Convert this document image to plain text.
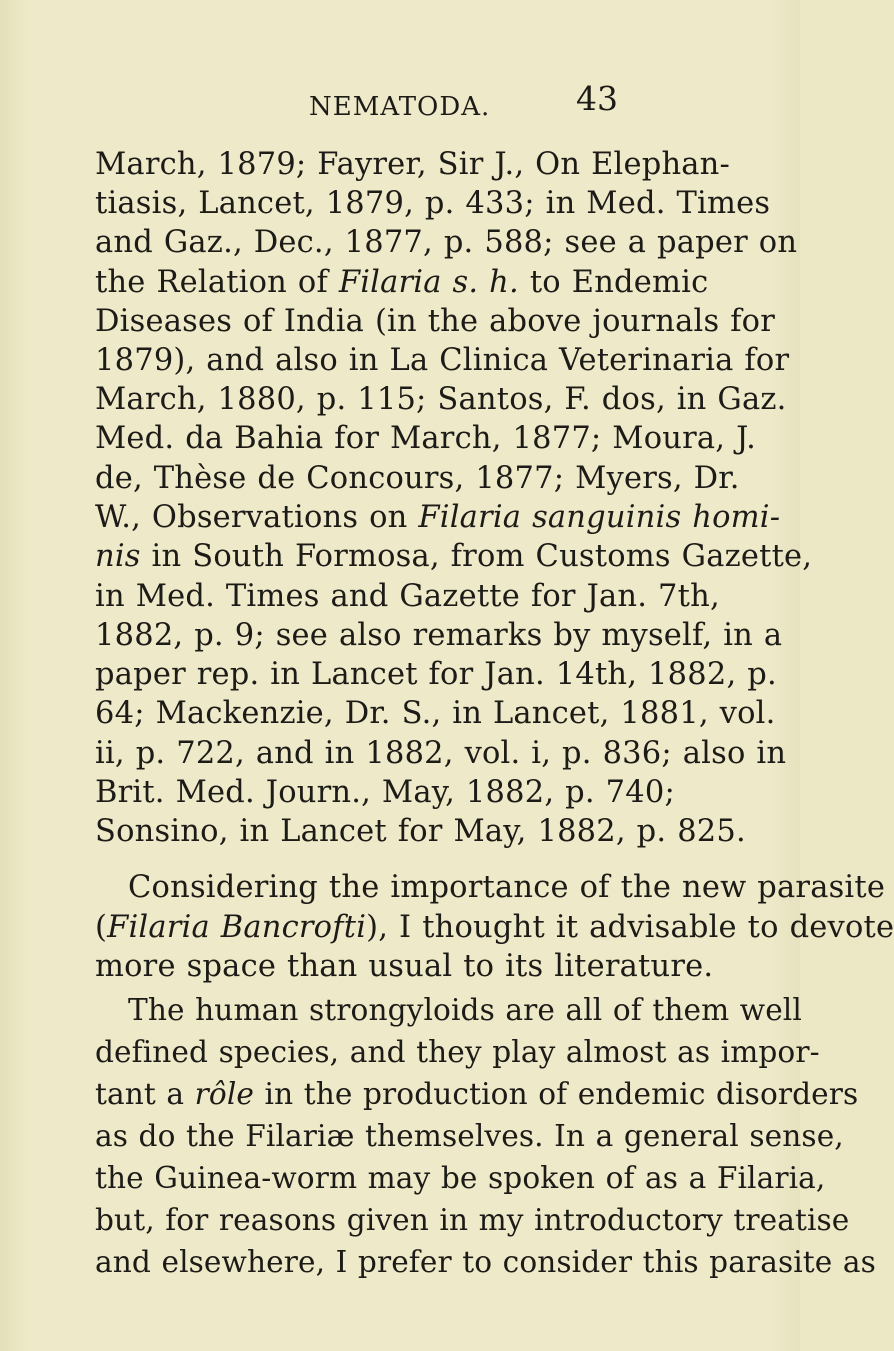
NEMATODA.	43
March, 1879; Fayrer, Sir J., On Elephan-
tiasis, Lancet, 1879, p. 433; in Med. Times
and Gaz., Dec., 1877, p. 588; see a paper on
the Relation of Filaria s. h. to Endemic
Diseases of India (in the above journals for
1879), and also in La Clinica Veterinaria for
March, 1880, p. 115; Santos, F. dos, in Gaz.
Med. da Bahia for March, 1877; Moura, J.
de, Thèse de Concours, 1877; Myers, Dr.
W., Observations on Filaria sanguinis homi-
nis in South Formosa, from Customs Gazette,
in Med. Times and Gazette for Jan. 7th,
1882, p. 9; see also remarks by myself, in a
paper rep. in Lancet for Jan. 14th, 1882, p.
64; Mackenzie, Dr. S., in Lancet, 1881, vol.
ii, p. 722, and in 1882, vol. i, p. 836; also in
Brit. Med. Journ., May, 1882, p. 740;
Sonsino, in Lancet for May, 1882, p. 825.
Considering the importance of the new parasite
(Filaria Bancrofti), I thought it advisable to devote
more space than usual to its literature.
The human strongyloids are all of them well
defined species, and they play almost as impor-
tant a rôle in the production of endemic disorders
as do the Filariæ themselves. In a general sense,
the Guinea-worm may be spoken of as a Filaria,
but, for reasons given in my introductory treatise
and elsewhere, I prefer to consider this parasite as
